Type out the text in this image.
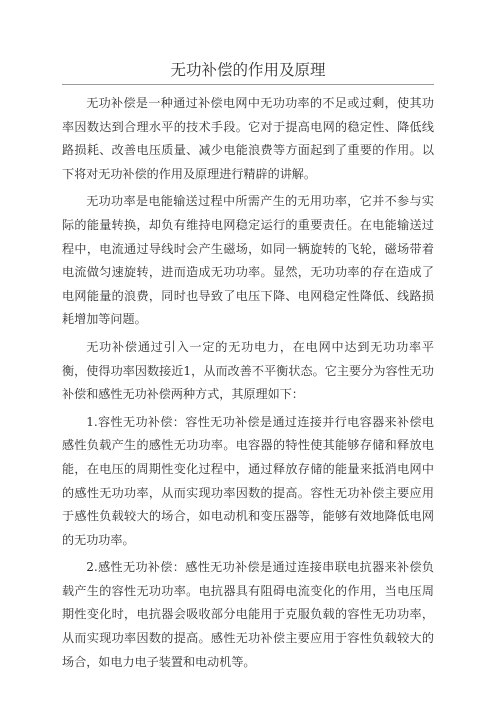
无功补偿的作用及原理

无功补偿是一种通过补偿电网中无功功率的不足或过剩，使其功率因数达到合理水平的技术手段。它对于提高电网的稳定性、降低线路损耗、改善电压质量、减少电能浪费等方面起到了重要的作用。以下将对无功补偿的作用及原理进行精辟的讲解。

无功功率是电能输送过程中所需产生的无用功率，它并不参与实际的能量转换，却负有维持电网稳定运行的重要责任。在电能输送过程中，电流通过导线时会产生磁场，如同一辆旋转的飞轮，磁场带着电流做匀速旋转，进而造成无功功率。显然，无功功率的存在造成了电网能量的浪费，同时也导致了电压下降、电网稳定性降低、线路损耗增加等问题。

无功补偿通过引入一定的无功电力，在电网中达到无功功率平衡，使得功率因数接近1，从而改善不平衡状态。它主要分为容性无功补偿和感性无功补偿两种方式，其原理如下：

1.容性无功补偿：容性无功补偿是通过连接并行电容器来补偿电感性负载产生的感性无功功率。电容器的特性使其能够存储和释放电能，在电压的周期性变化过程中，通过释放存储的能量来抵消电网中的感性无功功率，从而实现功率因数的提高。容性无功补偿主要应用于感性负载较大的场合，如电动机和变压器等，能够有效地降低电网的无功功率。

2.感性无功补偿：感性无功补偿是通过连接串联电抗器来补偿负载产生的容性无功功率。电抗器具有阻碍电流变化的作用，当电压周期性变化时，电抗器会吸收部分电能用于克服负载的容性无功功率，从而实现功率因数的提高。感性无功补偿主要应用于容性负载较大的场合，如电力电子装置和电动机等。
